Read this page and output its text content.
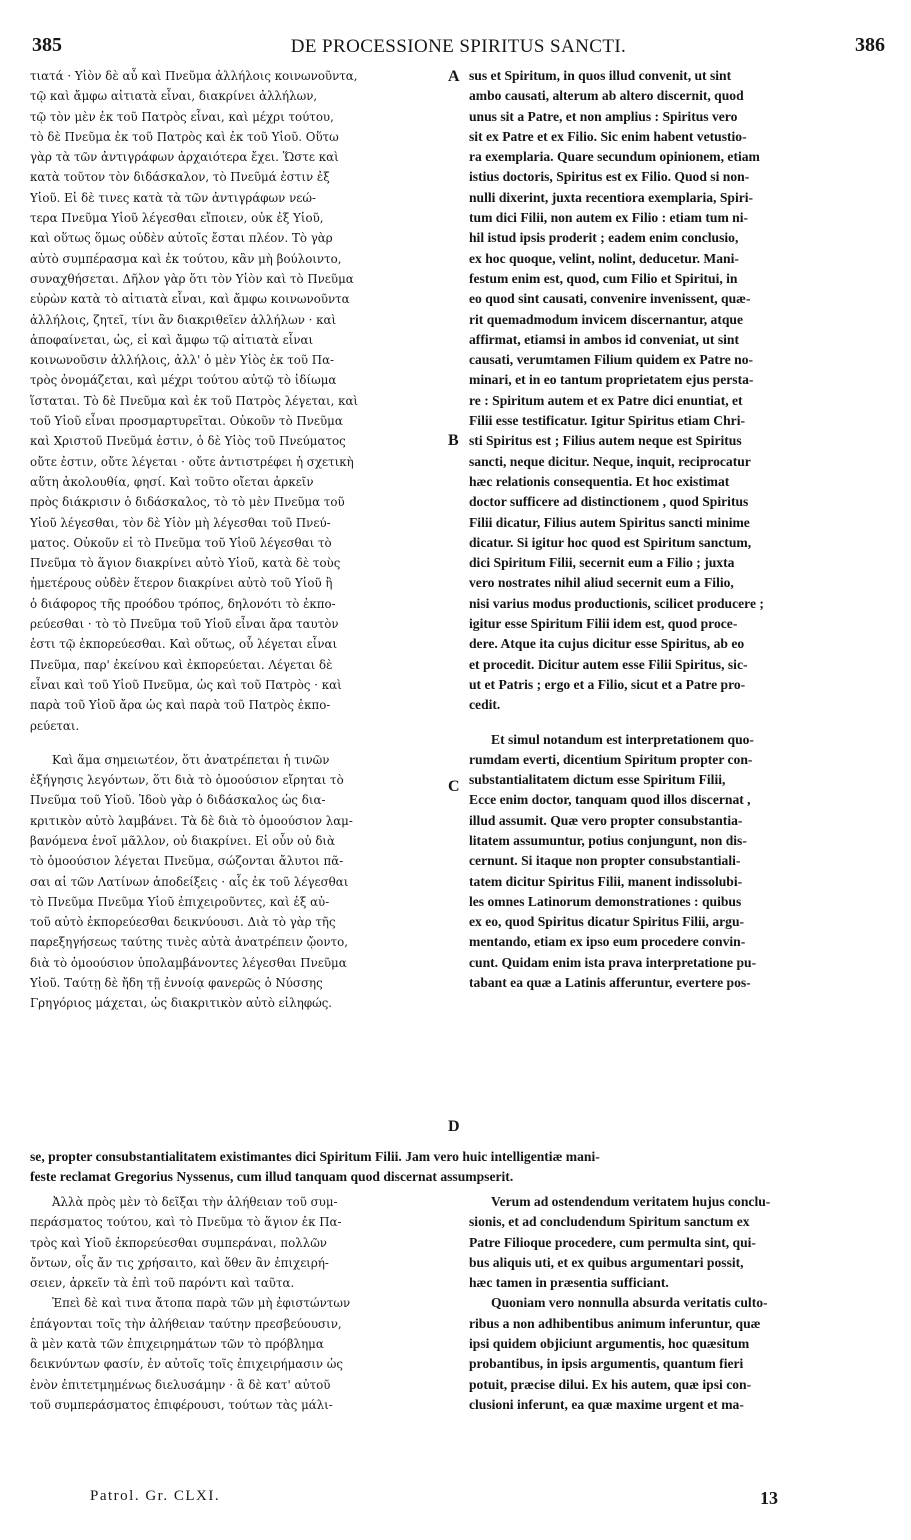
385	DE PROCESSIONE SPIRITUS SANCTI.	386
A
B
C
D
τιατά · Υἱὸν δὲ αὖ καὶ Πνεῦμα ἀλλήλοις κοινωνοῦντα,
τῷ καὶ ἄμφω αἰτιατὰ εἶναι, διακρίνει ἀλλήλων,
τῷ τὸν μὲν ἐκ τοῦ Πατρὸς εἶναι, καὶ μέχρι τούτου,
τὸ δὲ Πνεῦμα ἐκ τοῦ Πατρὸς καὶ ἐκ τοῦ Υἱοῦ. Οὕτω
γὰρ τὰ τῶν ἀντιγράφων ἀρχαιότερα ἔχει. Ὥστε καὶ
κατὰ τοῦτον τὸν διδάσκαλον, τὸ Πνεῦμά ἐστιν ἐξ
Υἱοῦ. Εἰ δὲ τινες κατὰ τὰ τῶν ἀντιγράφων νεώ-
τερα Πνεῦμα Υἱοῦ λέγεσθαι εἴποιεν, οὐκ ἐξ Υἱοῦ,
καὶ οὕτως ὅμως οὐδὲν αὐτοῖς ἔσται πλέον. Τὸ γὰρ
αὐτὸ συμπέρασμα καὶ ἐκ τούτου, κἂν μὴ βούλοιντο,
συναχθήσεται. Δῆλον γὰρ ὅτι τὸν Υἱὸν καὶ τὸ Πνεῦμα
εὑρὼν κατὰ τὸ αἰτιατὰ εἶναι, καὶ ἄμφω κοινωνοῦντα
ἀλλήλοις, ζητεῖ, τίνι ἂν διακριθεῖεν ἀλλήλων · καὶ
ἀποφαίνεται, ὡς, εἰ καὶ ἄμφω τῷ αἰτιατὰ εἶναι
κοινωνοῦσιν ἀλλήλοις, ἀλλ' ὁ μὲν Υἱὸς ἐκ τοῦ Πα-
τρὸς ὀνομάζεται, καὶ μέχρι τούτου αὐτῷ τὸ ἰδίωμα
ἵσταται. Τὸ δὲ Πνεῦμα καὶ ἐκ τοῦ Πατρὸς λέγεται, καὶ
τοῦ Υἱοῦ εἶναι προσμαρτυρεῖται. Οὐκοῦν τὸ Πνεῦμα
καὶ Χριστοῦ Πνεῦμά ἐστιν, ὁ δὲ Υἱὸς τοῦ Πνεύματος
οὔτε ἐστιν, οὔτε λέγεται · οὔτε ἀντιστρέφει ἡ σχετικὴ
αὕτη ἀκολουθία, φησί. Καὶ τοῦτο οἴεται ἀρκεῖν
πρὸς διάκρισιν ὁ διδάσκαλος, τὸ τὸ μὲν Πνεῦμα τοῦ
Υἱοῦ λέγεσθαι, τὸν δὲ Υἱὸν μὴ λέγεσθαι τοῦ Πνεύ-
ματος. Οὐκοῦν εἰ τὸ Πνεῦμα τοῦ Υἱοῦ λέγεσθαι τὸ
Πνεῦμα τὸ ἅγιον διακρίνει αὐτὸ Υἱοῦ, κατὰ δὲ τοὺς
ἡμετέρους οὐδὲν ἕτερον διακρίνει αὐτὸ τοῦ Υἱοῦ ἢ
ὁ διάφορος τῆς προόδου τρόπος, δηλονότι τὸ ἐκπο-
ρεύεσθαι · τὸ τὸ Πνεῦμα τοῦ Υἱοῦ εἶναι ἄρα ταυτὸν
ἐστι τῷ ἐκπορεύεσθαι. Καὶ οὕτως, οὗ λέγεται εἶναι
Πνεῦμα, παρ' ἐκείνου καὶ ἐκπορεύεται. Λέγεται δὲ
εἶναι καὶ τοῦ Υἱοῦ Πνεῦμα, ὡς καὶ τοῦ Πατρὸς · καὶ
παρὰ τοῦ Υἱοῦ ἄρα ὡς καὶ παρὰ τοῦ Πατρὸς ἐκπο-
ρεύεται.
Καὶ ἅμα σημειωτέον, ὅτι ἀνατρέπεται ἡ τινῶν
ἐξήγησις λεγόντων, ὅτι διὰ τὸ ὁμοούσιον εἴρηται τὸ
Πνεῦμα τοῦ Υἱοῦ. Ἰδοὺ γὰρ ὁ διδάσκαλος ὡς δια-
κριτικὸν αὐτὸ λαμβάνει. Τὰ δὲ διὰ τὸ ὁμοούσιον λαμ-
βανόμενα ἑνοῖ μᾶλλον, οὐ διακρίνει. Εἰ οὖν οὐ διὰ
τὸ ὁμοούσιον λέγεται Πνεῦμα, σώζονται ἄλυτοι πᾶ-
σαι αἱ τῶν Λατίνων ἀποδείξεις · αἷς ἐκ τοῦ λέγεσθαι
τὸ Πνεῦμα Πνεῦμα Υἱοῦ ἐπιχειροῦντες, καὶ ἐξ αὐ-
τοῦ αὐτὸ ἐκπορεύεσθαι δεικνύουσι. Διὰ τὸ γὰρ τῆς
παρεξηγήσεως ταύτης τινὲς αὐτὰ ἀνατρέπειν ᾤοντο,
διὰ τὸ ὁμοούσιον ὑπολαμβάνοντες λέγεσθαι Πνεῦμα
Υἱοῦ. Ταύτῃ δὲ ἤδη τῇ ἐννοίᾳ φανερῶς ὁ Νύσσης
Γρηγόριος μάχεται, ὡς διακριτικὸν αὐτὸ εἰληφώς.
Ἀλλὰ πρὸς μὲν τὸ δεῖξαι τὴν ἀλήθειαν τοῦ συμ-
περάσματος τούτου, καὶ τὸ Πνεῦμα τὸ ἅγιον ἐκ Πα-
τρὸς καὶ Υἱοῦ ἐκπορεύεσθαι συμπεράναι, πολλῶν
ὄντων, οἷς ἄν τις χρήσαιτο, καὶ ὅθεν ἂν ἐπιχειρή-
σειεν, ἀρκεῖν τὰ ἐπὶ τοῦ παρόντι καὶ ταῦτα.
Ἐπεὶ δὲ καὶ τινα ἄτοπα παρὰ τῶν μὴ ἐφιστώντων
ἐπάγονται τοῖς τὴν ἀλήθειαν ταύτην πρεσβεύουσιν,
ἃ μὲν κατὰ τῶν ἐπιχειρημάτων τῶν τὸ πρόβλημα
δεικνύντων φασίν, ἐν αὐτοῖς τοῖς ἐπιχειρήμασιν ὡς
ἐνὸν ἐπιτετμημένως διελυσάμην · ἃ δὲ κατ' αὐτοῦ
τοῦ συμπεράσματος ἐπιφέρουσι, τούτων τὰς μάλι-
sus et Spiritum, in quos illud convenit, ut sint
ambo causati, alterum ab altero discernit, quod
unus sit a Patre, et non amplius : Spiritus vero
sit ex Patre et ex Filio. Sic enim habent vetustio-
ra exemplaria. Quare secundum opinionem, etiam
istius doctoris, Spiritus est ex Filio. Quod si non-
nulli dixerint, juxta recentiora exemplaria, Spiri-
tum dici Filii, non autem ex Filio : etiam tum ni-
hil istud ipsis proderit ; eadem enim conclusio,
ex hoc quoque, velint, nolint, deducetur. Mani-
festum enim est, quod, cum Filio et Spiritui, in
eo quod sint causati, convenire invenissent, quæ-
rit quemadmodum invicem discernantur, atque
affirmat, etiamsi in ambos id conveniat, ut sint
causati, verumtamen Filium quidem ex Patre no-
minari, et in eo tantum proprietatem ejus persta-
re : Spiritum autem et ex Patre dici enuntiat, et
Filii esse testificatur. Igitur Spiritus etiam Chri-
sti Spiritus est ; Filius autem neque est Spiritus
sancti, neque dicitur. Neque, inquit, reciprocatur
hæc relationis consequentia. Et hoc existimat
doctor sufficere ad distinctionem , quod Spiritus
Filii dicatur, Filius autem Spiritus sancti minime
dicatur. Si igitur hoc quod est Spiritum sanctum,
dici Spiritum Filii, secernit eum a Filio ; juxta
vero nostrates nihil aliud secernit eum a Filio,
nisi varius modus productionis, scilicet producere ;
igitur esse Spiritum Filii idem est, quod proce-
dere. Atque ita cujus dicitur esse Spiritus, ab eo
et procedit. Dicitur autem esse Filii Spiritus, sic-
ut et Patris ; ergo et a Filio, sicut et a Patre pro-
cedit.
Et simul notandum est interpretationem quo-
rumdam everti, dicentium Spiritum propter con-
substantialitatem dictum esse Spiritum Filii,
Ecce enim doctor, tanquam quod illos discernat ,
illud assumit. Quæ vero propter consubstantia-
litatem assumuntur, potius conjungunt, non dis-
cernunt. Si itaque non propter consubstantiali-
tatem dicitur Spiritus Filii, manent indissolubi-
les omnes Latinorum demonstrationes : quibus
ex eo, quod Spiritus dicatur Spiritus Filii, argu-
mentando, etiam ex ipso eum procedere convin-
cunt. Quidam enim ista prava interpretatione pu-
tabant ea quæ a Latinis afferuntur, evertere pos-
se, propter consubstantialitatem existimantes dici Spiritum Filii. Jam vero huic intelligentiæ mani-
feste reclamat Gregorius Nyssenus, cum illud tanquam quod discernat assumpserit.
Verum ad ostendendum veritatem hujus conclu-
sionis, et ad concludendum Spiritum sanctum ex
Patre Filioque procedere, cum permulta sint, qui-
bus aliquis uti, et ex quibus argumentari possit,
hæc tamen in præsentia sufficiant.
Quoniam vero nonnulla absurda veritatis culto-
ribus a non adhibentibus animum inferuntur, quæ
ipsi quidem objiciunt argumentis, hoc quæsitum
probantibus, in ipsis argumentis, quantum fieri
potuit, præcise dilui. Ex his autem, quæ ipsi con-
clusioni inferunt, ea quæ maxime urgent et ma-
Patrol. Gr. CLXI.	13
